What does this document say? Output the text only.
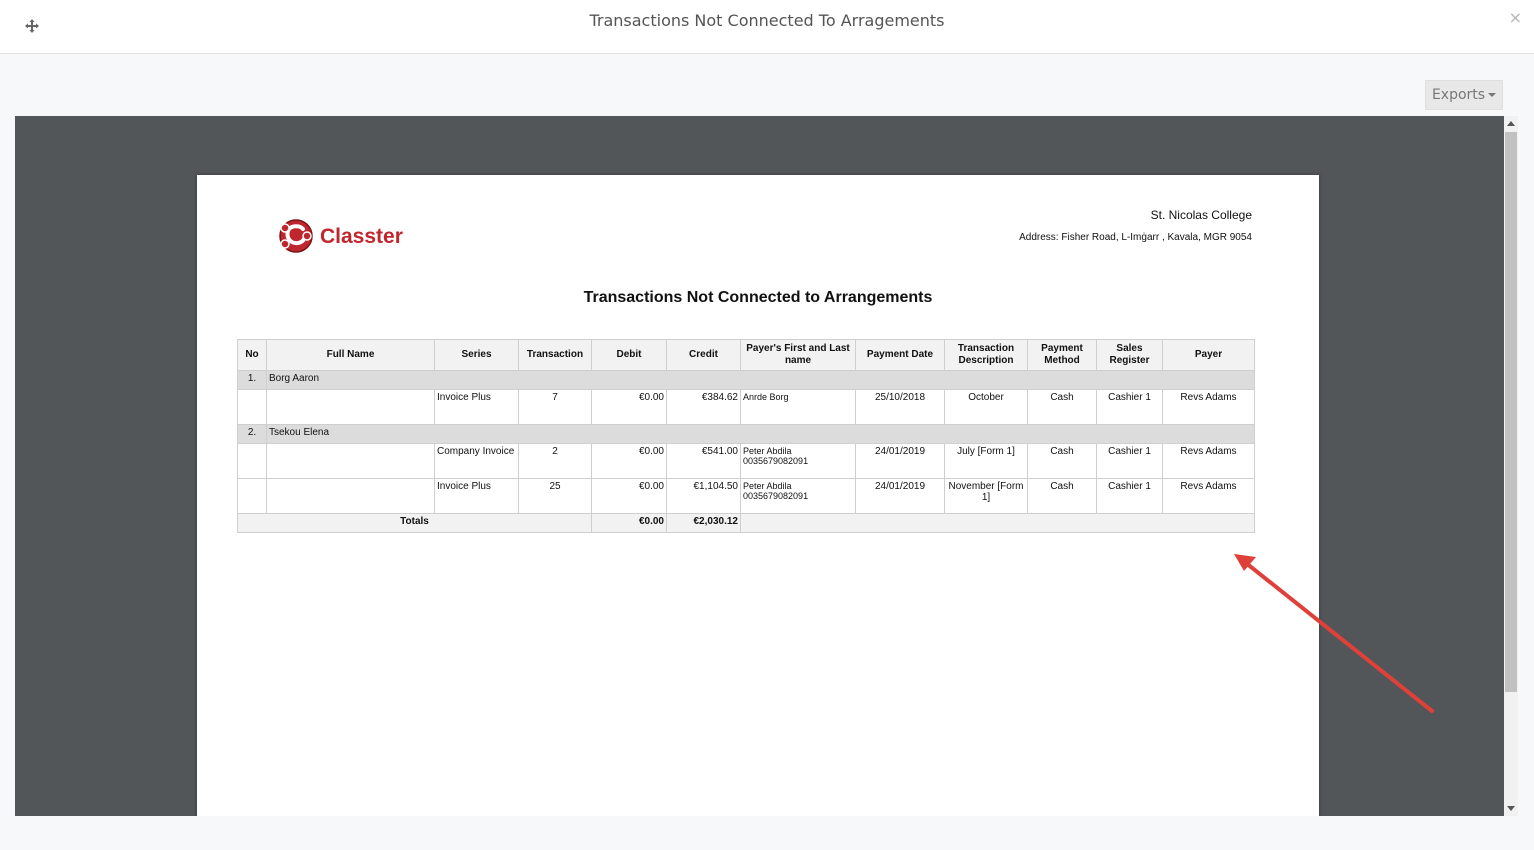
Transactions Not Connected To Arragements	×
Exports
Classter
St. Nicolas College
Address: Fisher Road, L-Imġarr , Kavala, MGR 9054
Transactions Not Connected to Arrangements
No	Full Name	Series	Transaction	Debit	Credit	Payer's First and Last name	Payment Date	Transaction Description	Payment Method	Sales Register	Payer
1.	Borg Aaron										
		Invoice Plus	7	€0.00	€384.62	Anrde Borg	25/10/2018	October	Cash	Cashier 1	Revs Adams
2.	Tsekou Elena										
		Company Invoice	2	€0.00	€541.00	Peter Abdila
0035679082091	24/01/2019	July [Form 1]	Cash	Cashier 1	Revs Adams
		Invoice Plus	25	€0.00	€1,104.50	Peter Abdila
0035679082091	24/01/2019	November [Form 1]	Cash	Cashier 1	Revs Adams
Totals				€0.00	€2,030.12						
